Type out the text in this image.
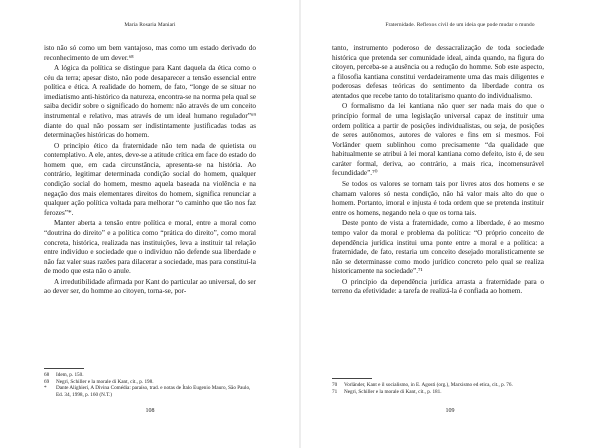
Maria Rosaria Maniari

isto não só como um bem vantajoso, mas como um estado derivado do reconhecimento de um dever.⁶⁸

A lógica da política se distingue para Kant daquela da ética como o céu da terra; apesar disto, não pode desaparecer a tensão essencial entre política e ética. A realidade do homem, de fato, “longe de se situar no imediatismo anti-histórico da natureza, encontra-se na norma pela qual se saiba decidir sobre o significado do homem: não através de um conceito instrumental e relativo, mas através de um ideal humano regulador”⁶⁹ diante do qual não possam ser indistintamente justificadas todas as determinações históricas do homem.

O princípio ético da fraternidade não tem nada de quietista ou contemplativo. A ele, antes, deve-se a atitude crítica em face do estado do homem que, em cada circunstância, apresenta-se na história. Ao contrário, legitimar determinada condição social do homem, qualquer condição social do homem, mesmo aquela baseada na violência e na negação dos mais elementares direitos do homem, significa renunciar a qualquer ação política voltada para melhorar “o caminho que tão nos faz ferozes”*.

Manter aberta a tensão entre política e moral, entre a moral como “doutrina do direito” e a política como “prática do direito”, como moral concreta, histórica, realizada nas instituições, leva a instituir tal relação entre indivíduo e sociedade que o indivíduo não defende sua liberdade e não faz valer suas razões para dilacerar a sociedade, mas para constituí-la de modo que esta não o anule.

A irredutibilidade afirmada por Kant do particular ao universal, do ser ao dever ser, do homme ao citoyen, torna-se, por-

68	Idem, p. 150.
69	Negri, Schiller e la morale di Kant, cit., p. 198.
*	Dante Alighieri, A Divina Comédia: paraíso, trad. e notas de Ítalo Eugenio Mauro, São Paulo, Ed. 34, 1998, p. 160 (N.T.)
108
Fraternidade. Reflexos civil de um ideia que pode mudar o mundo

tanto, instrumento poderoso de dessacralização de toda sociedade histórica que pretenda ser comunidade ideal, ainda quando, na figura do citoyen, perceba-se a ausência ou a redução do homme. Sob este aspecto, a filosofia kantiana constitui verdadeiramente uma das mais diligentes e poderosas defesas teóricas do sentimento da liberdade contra os atentados que recebe tanto do totalitarismo quanto do individualismo.

O formalismo da lei kantiana não quer ser nada mais do que o princípio formal de uma legislação universal capaz de instituir uma ordem política a partir de posições individualistas, ou seja, de posições de seres autônomos, autores de valores e fins em si mesmos. Foi Vorländer quem sublinhou como precisamente “da qualidade que habitualmente se atribui à lei moral kantiana como defeito, isto é, de seu caráter formal, deriva, ao contrário, a mais rica, incomensurável fecundidade”.⁷⁰

Se todos os valores se tornam tais por livres atos dos homens e se chamam valores só nesta condição, não há valor mais alto do que o homem. Portanto, imoral e injusta é toda ordem que se pretenda instituir entre os homens, negando nela o que os torna tais.

Deste ponto de vista a fraternidade, como a liberdade, é ao mesmo tempo valor da moral e problema da política: “O próprio conceito de dependência jurídica institui uma ponte entre a moral e a política: a fraternidade, de fato, restaria um conceito desejado moralisticamente se não se determinasse como modo jurídico concreto pelo qual se realiza historicamente na sociedade”.⁷¹

O princípio da dependência jurídica arrasta a fraternidade para o terreno da efetividade: a tarefa de realizá-la é confiada ao homem.

70	Vorländer, Kant e il socialismo, in E. Agosti (org.), Marxismo ed etica, cit., p. 76.
71	Negri, Schiller e la morale di Kant, cit., p. 181.
109
